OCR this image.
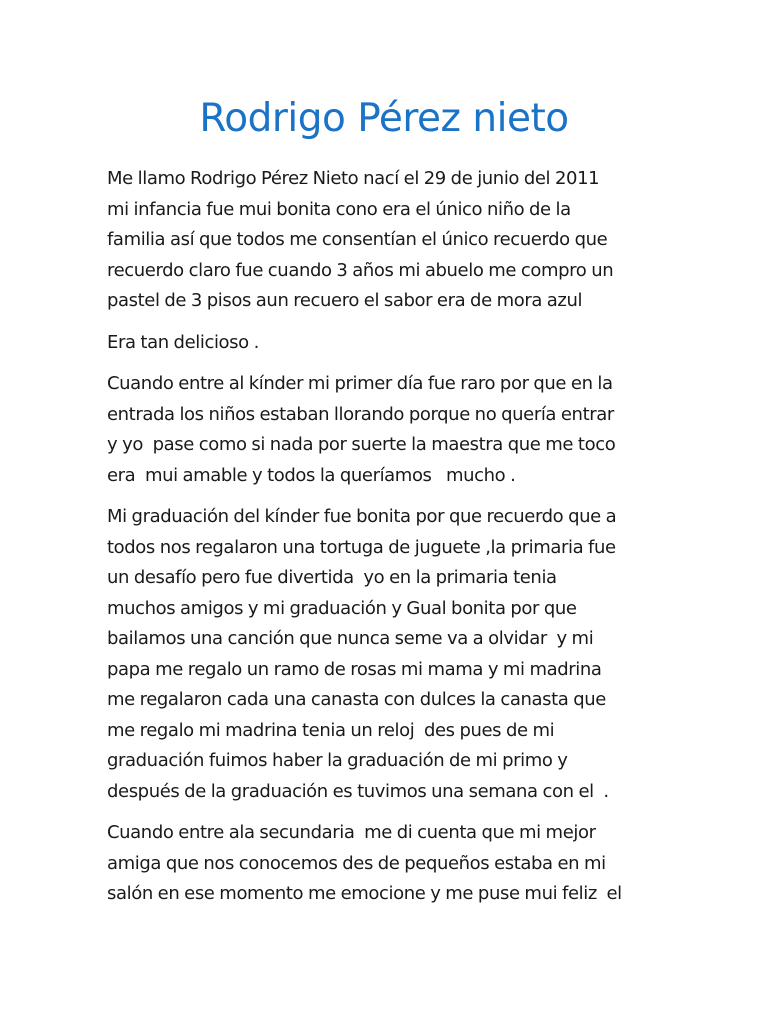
Rodrigo Pérez nieto
Me llamo Rodrigo Pérez Nieto nací el 29 de junio del 2011
mi infancia fue mui bonita cono era el único niño de la
familia así que todos me consentían el único recuerdo que
recuerdo claro fue cuando 3 años mi abuelo me compro un
pastel de 3 pisos aun recuero el sabor era de mora azul
Era tan delicioso .
Cuando entre al kínder mi primer día fue raro por que en la
entrada los niños estaban llorando porque no quería entrar
y yo  pase como si nada por suerte la maestra que me toco
era  mui amable y todos la queríamos   mucho .
Mi graduación del kínder fue bonita por que recuerdo que a
todos nos regalaron una tortuga de juguete ,la primaria fue
un desafío pero fue divertida  yo en la primaria tenia
muchos amigos y mi graduación y Gual bonita por que
bailamos una canción que nunca seme va a olvidar  y mi
papa me regalo un ramo de rosas mi mama y mi madrina
me regalaron cada una canasta con dulces la canasta que
me regalo mi madrina tenia un reloj  des pues de mi
graduación fuimos haber la graduación de mi primo y
después de la graduación es tuvimos una semana con el  .
Cuando entre ala secundaria  me di cuenta que mi mejor
amiga que nos conocemos des de pequeños estaba en mi
salón en ese momento me emocione y me puse mui feliz  el
